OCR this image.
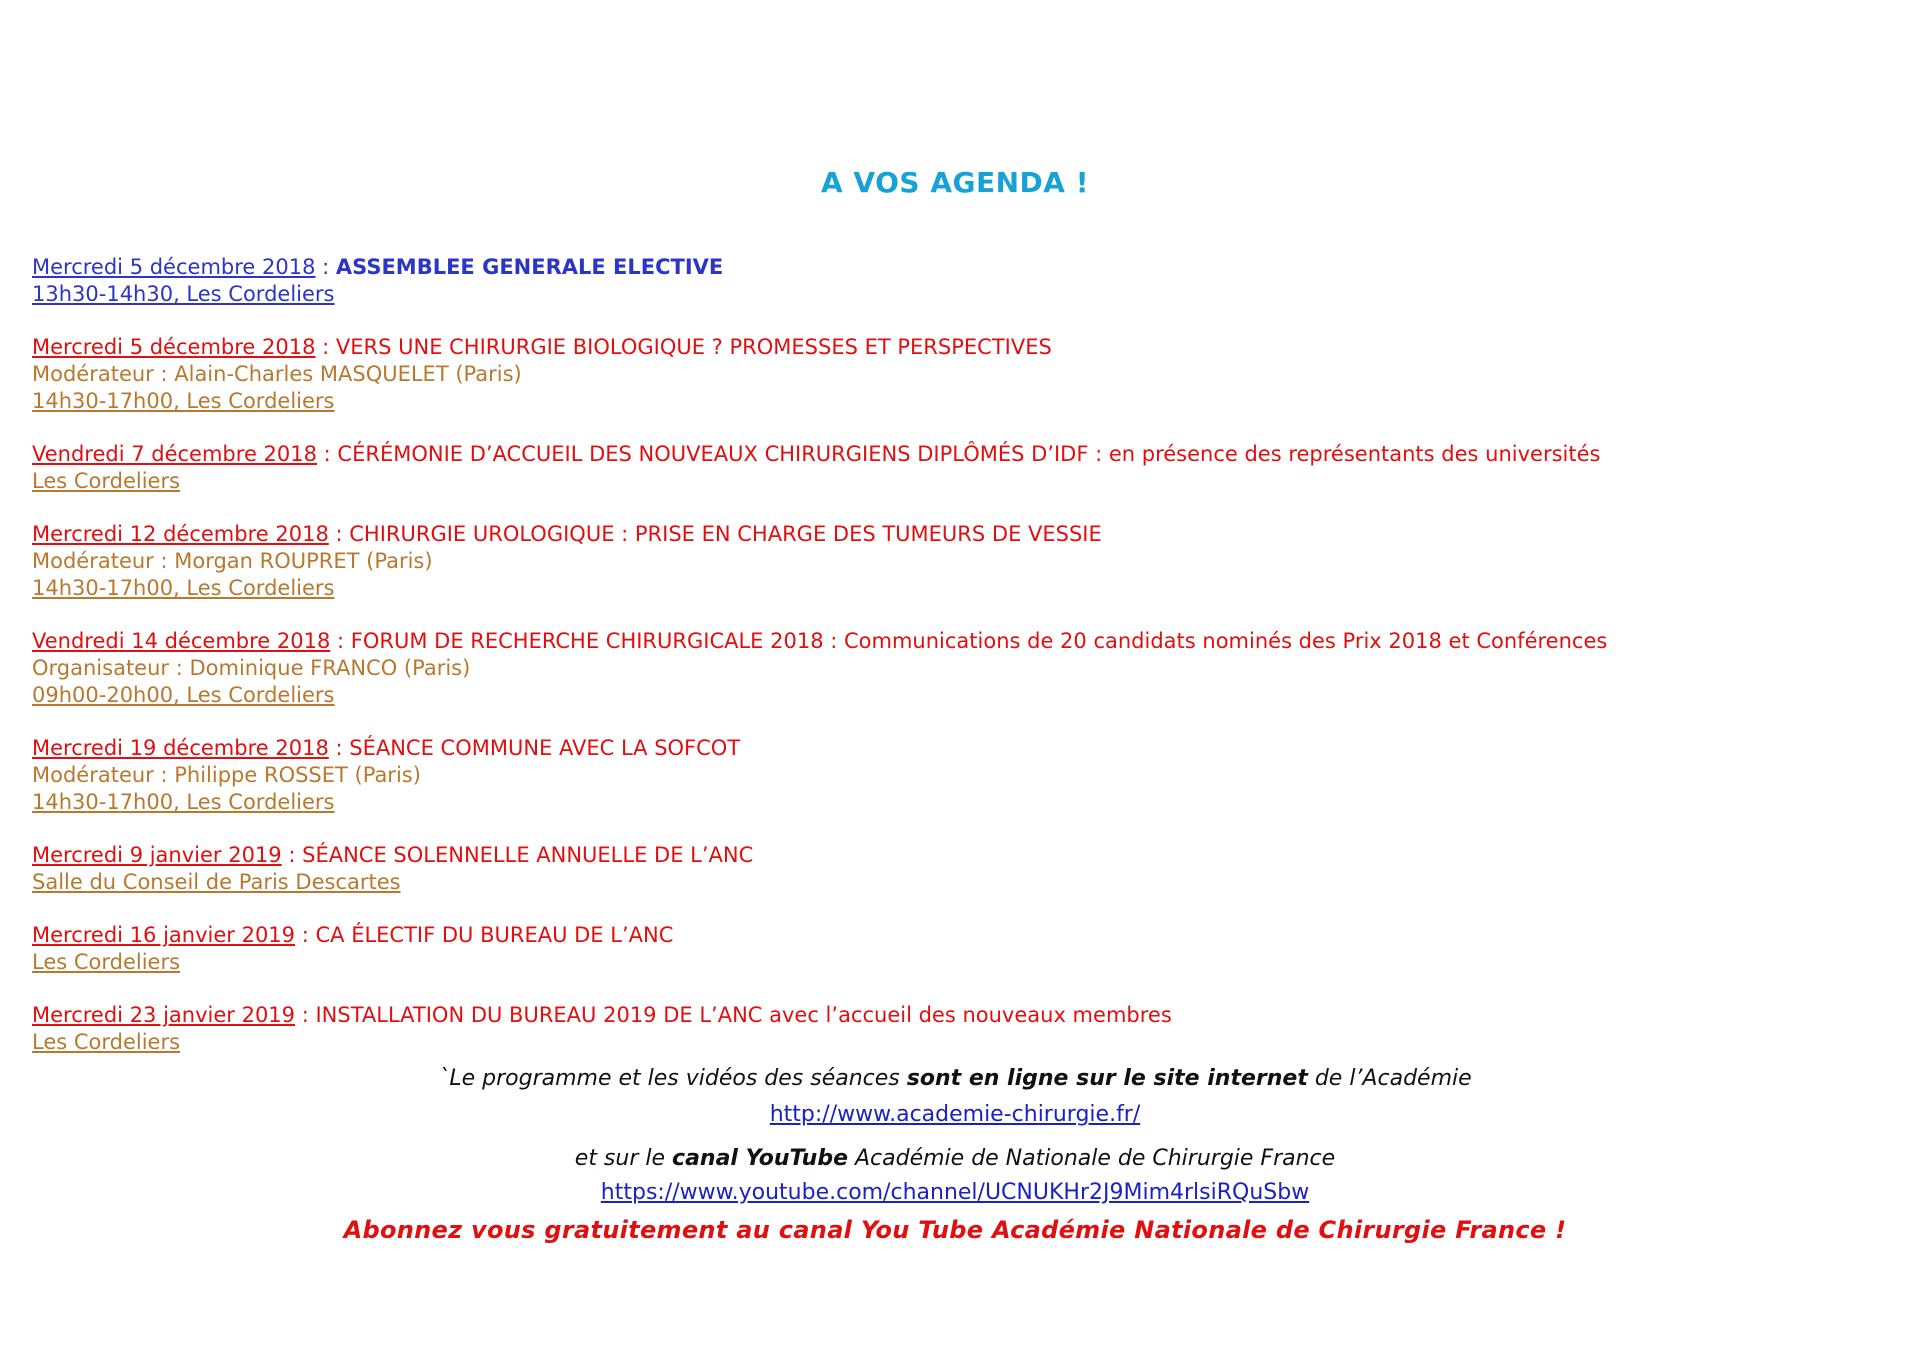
A VOS AGENDA !
Mercredi 5 décembre 2018 : ASSEMBLEE GENERALE ELECTIVE
13h30-14h30, Les Cordeliers
Mercredi 5 décembre 2018 : VERS UNE CHIRURGIE BIOLOGIQUE ? PROMESSES ET PERSPECTIVES
Modérateur : Alain-Charles MASQUELET (Paris)
14h30-17h00, Les Cordeliers
Vendredi 7 décembre 2018 : CÉRÉMONIE D’ACCUEIL DES NOUVEAUX CHIRURGIENS DIPLÔMÉS D’IDF : en présence des représentants des universités
Les Cordeliers
Mercredi 12 décembre 2018 : CHIRURGIE UROLOGIQUE : PRISE EN CHARGE DES TUMEURS DE VESSIE
Modérateur : Morgan ROUPRET (Paris)
14h30-17h00, Les Cordeliers
Vendredi 14 décembre 2018 : FORUM DE RECHERCHE CHIRURGICALE 2018 : Communications de 20 candidats nominés des Prix 2018 et Conférences
Organisateur : Dominique FRANCO (Paris)
09h00-20h00, Les Cordeliers
Mercredi 19 décembre 2018 : SÉANCE COMMUNE AVEC LA SOFCOT
Modérateur : Philippe ROSSET (Paris)
14h30-17h00, Les Cordeliers
Mercredi 9 janvier 2019 : SÉANCE SOLENNELLE ANNUELLE DE L’ANC
Salle du Conseil de Paris Descartes
Mercredi 16 janvier 2019 : CA ÉLECTIF DU BUREAU DE L’ANC
Les Cordeliers
Mercredi 23 janvier 2019 : INSTALLATION DU BUREAU 2019 DE L’ANC avec l’accueil des nouveaux membres
Les Cordeliers
`Le programme et les vidéos des séances sont en ligne sur le site internet de l’Académie
http://www.academie-chirurgie.fr/
et sur le canal YouTube Académie de Nationale de Chirurgie France
https://www.youtube.com/channel/UCNUKHr2J9Mim4rlsiRQuSbw
Abonnez vous gratuitement au canal You Tube Académie Nationale de Chirurgie France !
